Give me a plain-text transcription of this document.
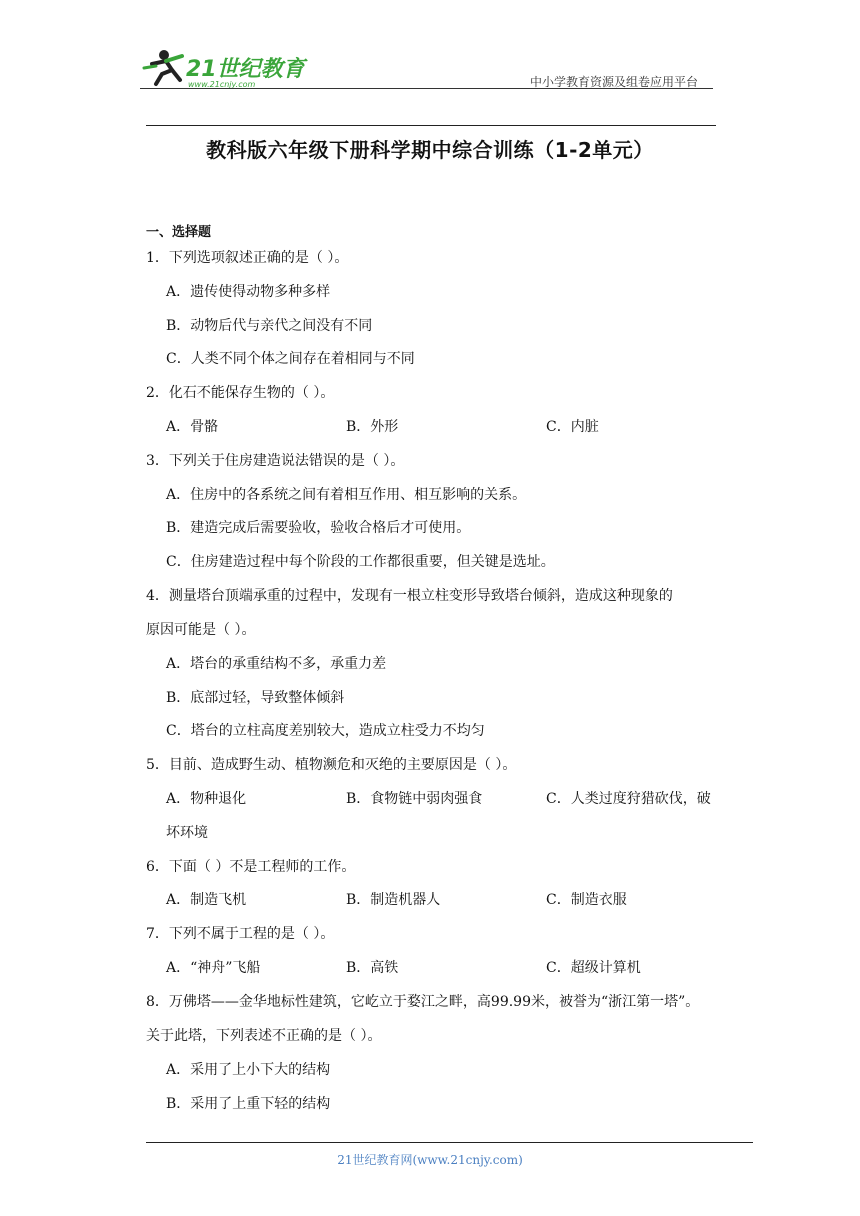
21世纪教育
www.21cnjy.com	中小学教育资源及组卷应用平台
教科版六年级下册科学期中综合训练（1-2单元）
一、选择题
1．下列选项叙述正确的是（ ）。
A．遗传使得动物多种多样
B．动物后代与亲代之间没有不同
C．人类不同个体之间存在着相同与不同
2．化石不能保存生物的（ ）。
A．骨骼	B．外形	C．内脏
3．下列关于住房建造说法错误的是（ ）。
A．住房中的各系统之间有着相互作用、相互影响的关系。
B．建造完成后需要验收，验收合格后才可使用。
C．住房建造过程中每个阶段的工作都很重要，但关键是选址。
4．测量塔台顶端承重的过程中，发现有一根立柱变形导致塔台倾斜，造成这种现象的
原因可能是（ ）。
A．塔台的承重结构不多，承重力差
B．底部过轻，导致整体倾斜
C．塔台的立柱高度差别较大，造成立柱受力不均匀
5．目前、造成野生动、植物濒危和灭绝的主要原因是（ ）。
A．物种退化	B．食物链中弱肉强食	C．人类过度狩猎砍伐，破
坏环境
6．下面（ ）不是工程师的工作。
A．制造飞机	B．制造机器人	C．制造衣服
7．下列不属于工程的是（ ）。
A．“神舟”飞船	B．高铁	C．超级计算机
8．万佛塔——金华地标性建筑，它屹立于婺江之畔，高99.99米，被誉为“浙江第一塔”。
关于此塔，下列表述不正确的是（ ）。
A．采用了上小下大的结构
B．采用了上重下轻的结构
21世纪教育网(www.21cnjy.com)
